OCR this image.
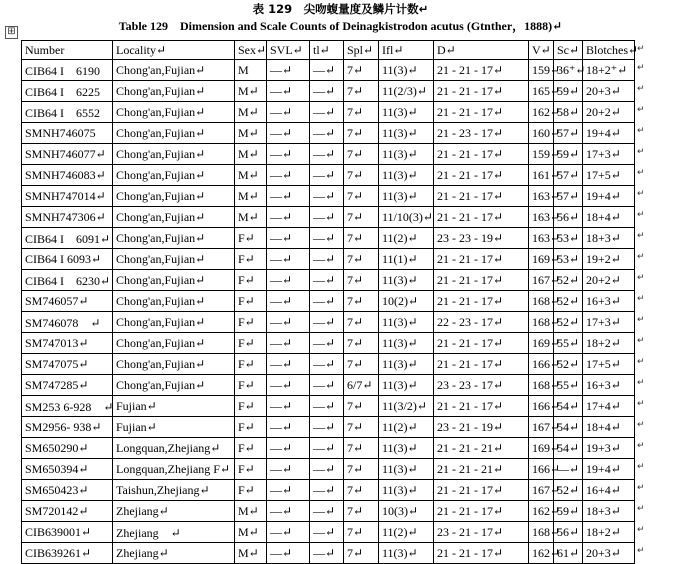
表 129　尖吻蝮量度及鳞片计数↵
Table 129　Dimension and Scale Counts of Deinagkistrodon acutus (Gtnther，1888)↵
⊞
Number	Locality↵	Sex↵	SVL↵	tl↵	Spl↵	Ifl↵	D↵	V↵	Sc↵	Blotches↵
CIB64 I　6190	Chong'an,Fujian↵	M	—↵	—↵	7↵	11(3)↵	21 - 21 - 17↵	159↵	36⁺↵	18+2⁺↵
CIB64 I　6225	Chong'an,Fujian↵	M↵	—↵	—↵	7↵	11(2/3)↵	21 - 21 - 17↵	165↵	59↵	20+3↵
CIB64 I　6552	Chong'an,Fujian↵	M↵	—↵	—↵	7↵	11(3)↵	21 - 21 - 17↵	162↵	58↵	20+2↵
SMNH746075	Chong'an,Fujian↵	M↵	—↵	—↵	7↵	11(3)↵	21 - 23 - 17↵	160↵	57↵	19+4↵
SMNH746077↵	Chong'an,Fujian↵	M↵	—↵	—↵	7↵	11(3)↵	21 - 21 - 17↵	159↵	59↵	17+3↵
SMNH746083↵	Chong'an,Fujian↵	M↵	—↵	—↵	7↵	11(3)↵	21 - 21 - 17↵	161↵	57↵	17+5↵
SMNH747014↵	Chong'an,Fujian↵	M↵	—↵	—↵	7↵	11(3)↵	21 - 21 - 17↵	163↵	57↵	19+4↵
SMNH747306↵	Chong'an,Fujian↵	M↵	—↵	—↵	7↵	11/10(3)↵	21 - 21 - 17↵	163↵	56↵	18+4↵
CIB64 I　6091↵	Chong'an,Fujian↵	F↵	—↵	—↵	7↵	11(2)↵	23 - 23 - 19↵	163↵	53↵	18+3↵
CIB64 I 6093↵	Chong'an,Fujian↵	F↵	—↵	—↵	7↵	11(1)↵	21 - 21 - 17↵	169↵	53↵	19+2↵
CIB64 I　6230↵	Chong'an,Fujian↵	F↵	—↵	—↵	7↵	11(3)↵	21 - 21 - 17↵	167↵	52↵	20+2↵
SM746057↵	Chong'an,Fujian↵	F↵	—↵	—↵	7↵	10(2)↵	21 - 21 - 17↵	168↵	52↵	16+3↵
SM746078　↵	Chong'an,Fujian↵	F↵	—↵	—↵	7↵	11(3)↵	22 - 23 - 17↵	168↵	52↵	17+3↵
SM747013↵	Chong'an,Fujian↵	F↵	—↵	—↵	7↵	11(3)↵	21 - 21 - 17↵	169↵	55↵	18+2↵
SM747075↵	Chong'an,Fujian↵	F↵	—↵	—↵	7↵	11(3)↵	21 - 21 - 17↵	166↵	52↵	17+5↵
SM747285↵	Chong'an,Fujian↵	F↵	—↵	—↵	6/7↵	11(3)↵	23 - 23 - 17↵	168↵	55↵	16+3↵
SM253 6-928　↵	Fujian↵	F↵	—↵	—↵	7↵	11(3/2)↵	21 - 21 - 17↵	166↵	54↵	17+4↵
SM2956- 938↵	Fujian↵	F↵	—↵	—↵	7↵	11(2)↵	23 - 21 - 19↵	167↵	54↵	18+4↵
SM650290↵	Longquan,Zhejiang↵	F↵	—↵	—↵	7↵	11(3)↵	21 - 21 - 21↵	169↵	54↵	19+3↵
SM650394↵	Longquan,Zhejiang F↵	F↵	—↵	—↵	7↵	11(3)↵	21 - 21 - 21↵	166↵	—↵	19+4↵
SM650423↵	Taishun,Zhejiang↵	F↵	—↵	—↵	7↵	11(3)↵	21 - 21 - 17↵	167↵	52↵	16+4↵
SM720142↵	Zhejiang↵	M↵	—↵	—↵	7↵	10(3)↵	21 - 21 - 17↵	162↵	59↵	18+3↵
CIB639001↵	Zhejiang　↵	M↵	—↵	—↵	7↵	11(2)↵	23 - 21 - 17↵	168↵	56↵	18+2↵
CIB639261↵	Zhejiang↵	M↵	—↵	—↵	7↵	11(3)↵	21 - 21 - 17↵	162↵	61↵	20+3↵
↵
↵
↵
↵
↵
↵
↵
↵
↵
↵
↵
↵
↵
↵
↵
↵
↵
↵
↵
↵
↵
↵
↵
↵
↵
